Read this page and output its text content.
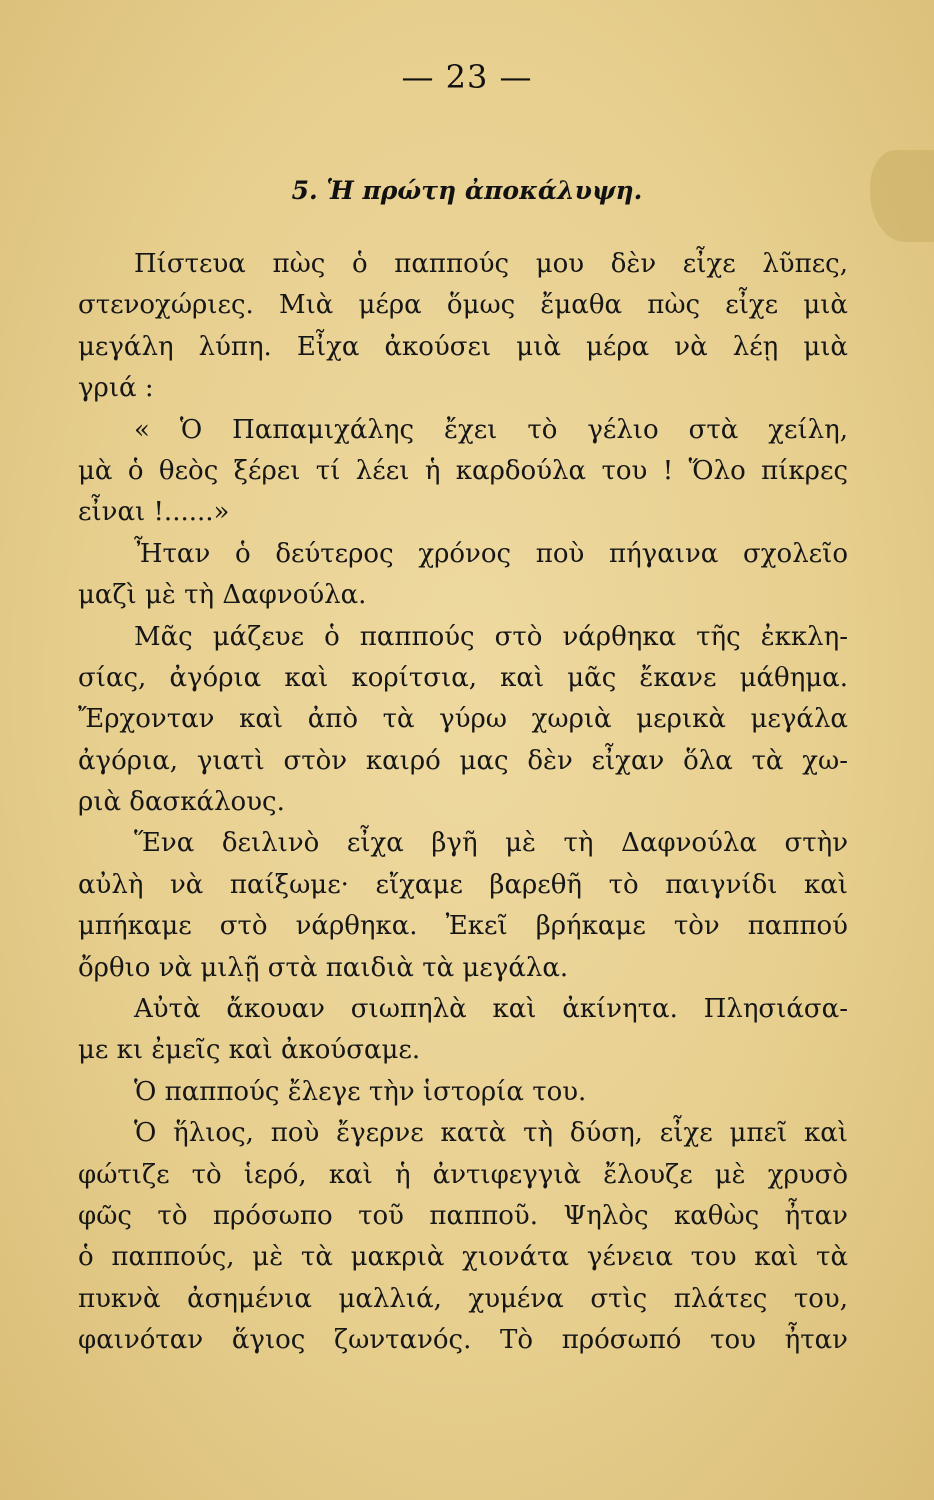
— 23 —
5. Ἡ πρώτη ἀποκάλυψη.
Πίστευα πὼς ὁ παππούς μου δὲν εἶχε λῦπες,
στενοχώριες. Μιὰ μέρα ὅμως ἔμαθα πὼς εἶχε μιὰ
μεγάλη λύπη. Εἶχα ἀκούσει μιὰ μέρα νὰ λέῃ μιὰ
γριά :
« Ὁ Παπαμιχάλης ἔχει τὸ γέλιο στὰ χείλη,
μὰ ὁ θεὸς ξέρει τί λέει ἡ καρδούλα του ! Ὅλο πίκρες
εἶναι !......»
Ἦταν ὁ δεύτερος χρόνος ποὺ πήγαινα σχολεῖο
μαζὶ μὲ τὴ Δαφνούλα.
Μᾶς μάζευε ὁ παππούς στὸ νάρθηκα τῆς ἐκκλη-
σίας, ἀγόρια καὶ κορίτσια, καὶ μᾶς ἔκανε μάθημα.
Ἔρχονταν καὶ ἀπὸ τὰ γύρω χωριὰ μερικὰ μεγάλα
ἀγόρια, γιατὶ στὸν καιρό μας δὲν εἶχαν ὅλα τὰ χω-
ριὰ δασκάλους.
Ἕνα δειλινὸ εἶχα βγῆ μὲ τὴ Δαφνούλα στὴν
αὐλὴ νὰ παίξωμε· εἴχαμε βαρεθῆ τὸ παιγνίδι καὶ
μπήκαμε στὸ νάρθηκα. Ἐκεῖ βρήκαμε τὸν παππού
ὄρθιο νὰ μιλῇ στὰ παιδιὰ τὰ μεγάλα.
Αὐτὰ ἄκουαν σιωπηλὰ καὶ ἀκίνητα. Πλησιάσα-
με κι ἐμεῖς καὶ ἀκούσαμε.
Ὁ παππούς ἔλεγε τὴν ἱστορία του.
Ὁ ἥλιος, ποὺ ἔγερνε κατὰ τὴ δύση, εἶχε μπεῖ καὶ
φώτιζε τὸ ἱερό, καὶ ἡ ἀντιφεγγιὰ ἔλουζε μὲ χρυσὸ
φῶς τὸ πρόσωπο τοῦ παπποῦ. Ψηλὸς καθὼς ἦταν
ὁ παππούς, μὲ τὰ μακριὰ χιονάτα γένεια του καὶ τὰ
πυκνὰ ἀσημένια μαλλιά, χυμένα στὶς πλάτες του,
φαινόταν ἅγιος ζωντανός. Τὸ πρόσωπό του ἦταν
